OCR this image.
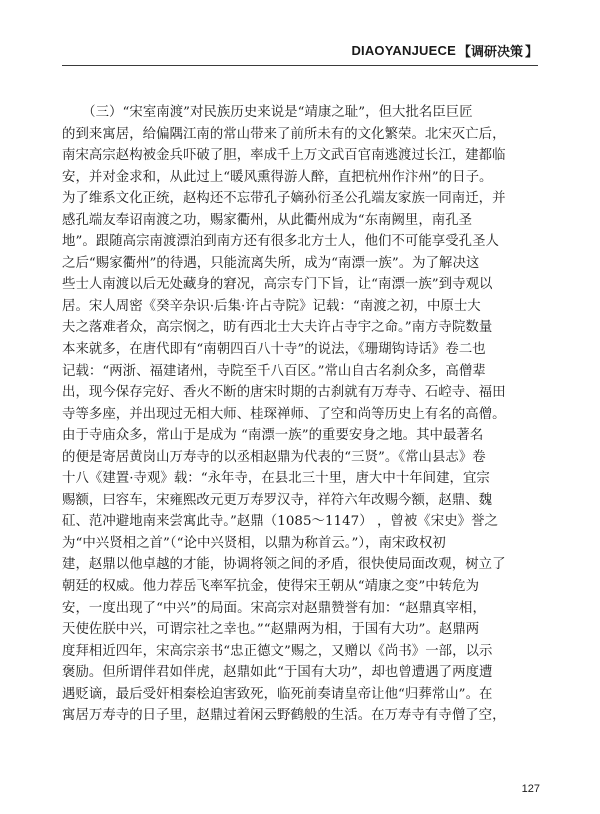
DIAOYANJUECE 【 调研决策 】
　　（三）“宋室南渡”对民族历史来说是“靖康之耻”，但大批名臣巨匠
的到来寓居，给偏隅江南的常山带来了前所未有的文化繁荣。北宋灭亡后，
南宋高宗赵构被金兵吓破了胆，率成千上万文武百官南逃渡过长江，建都临
安，并对金求和，从此过上“暖风熏得游人醉，直把杭州作汴州”的日子。
为了维系文化正统，赵构还不忘带孔子嫡孙衍圣公孔端友家族一同南迁，并
感孔端友奉诏南渡之功，赐家衢州，从此衢州成为“东南阙里，南孔圣
地”。跟随高宗南渡漂泊到南方还有很多北方士人，他们不可能享受孔圣人
之后“赐家衢州”的待遇，只能流离失所，成为“南漂一族”。为了解决这
些士人南渡以后无处藏身的窘况，高宗专门下旨，让“南漂一族”到寺观以
居。宋人周密《癸辛杂识·后集·许占寺院》记载：“南渡之初，中原士大
夫之落难者众，高宗悯之，昉有西北士大夫许占寺宇之命。”南方寺院数量
本来就多，在唐代即有“南朝四百八十寺”的说法，《珊瑚钩诗话》卷二也
记载：“两浙、福建诸州，寺院至千八百区。”常山自古名刹众多，高僧辈
出，现今保存完好、香火不断的唐宋时期的古刹就有万寿寺、石崆寺、福田
寺等多座，并出现过无相大师、桂琛禅师、了空和尚等历史上有名的高僧。
由于寺庙众多，常山于是成为 “南漂一族”的重要安身之地。其中最著名
的便是寄居黄岗山万寿寺的以丞相赵鼎为代表的“三贤”。《常山县志》卷
十八《建置·寺观》载：“永年寺，在县北三十里，唐大中十年间建，宜宗
赐额，曰容车，宋雍熙改元更万寿罗汉寺，祥符六年改赐今额，赵鼎、魏
矼、范冲避地南来尝寓此寺。”赵鼎（1085～1147） ，曾被《宋史》誉之
为“中兴贤相之首”（“论中兴贤相，以鼎为称首云。”），南宋政权初
建，赵鼎以他卓越的才能，协调将领之间的矛盾，很快使局面改观，树立了
朝廷的权威。他力荐岳飞率军抗金，使得宋王朝从“靖康之变”中转危为
安，一度出现了“中兴”的局面。宋高宗对赵鼎赞誉有加：“赵鼎真宰相，
天使佐朕中兴，可谓宗社之幸也。”“赵鼎两为相，于国有大功”。赵鼎两
度拜相近四年，宋高宗亲书“忠正德文”赐之，又赠以《尚书》一部，以示
褒励。但所谓伴君如伴虎，赵鼎如此“于国有大功”，却也曾遭遇了两度遭
遇贬谪，最后受奸相秦桧迫害致死，临死前奏请皇帝让他“归葬常山”。在
寓居万寿寺的日子里，赵鼎过着闲云野鹤般的生活。在万寿寺有寺僧了空，
127
